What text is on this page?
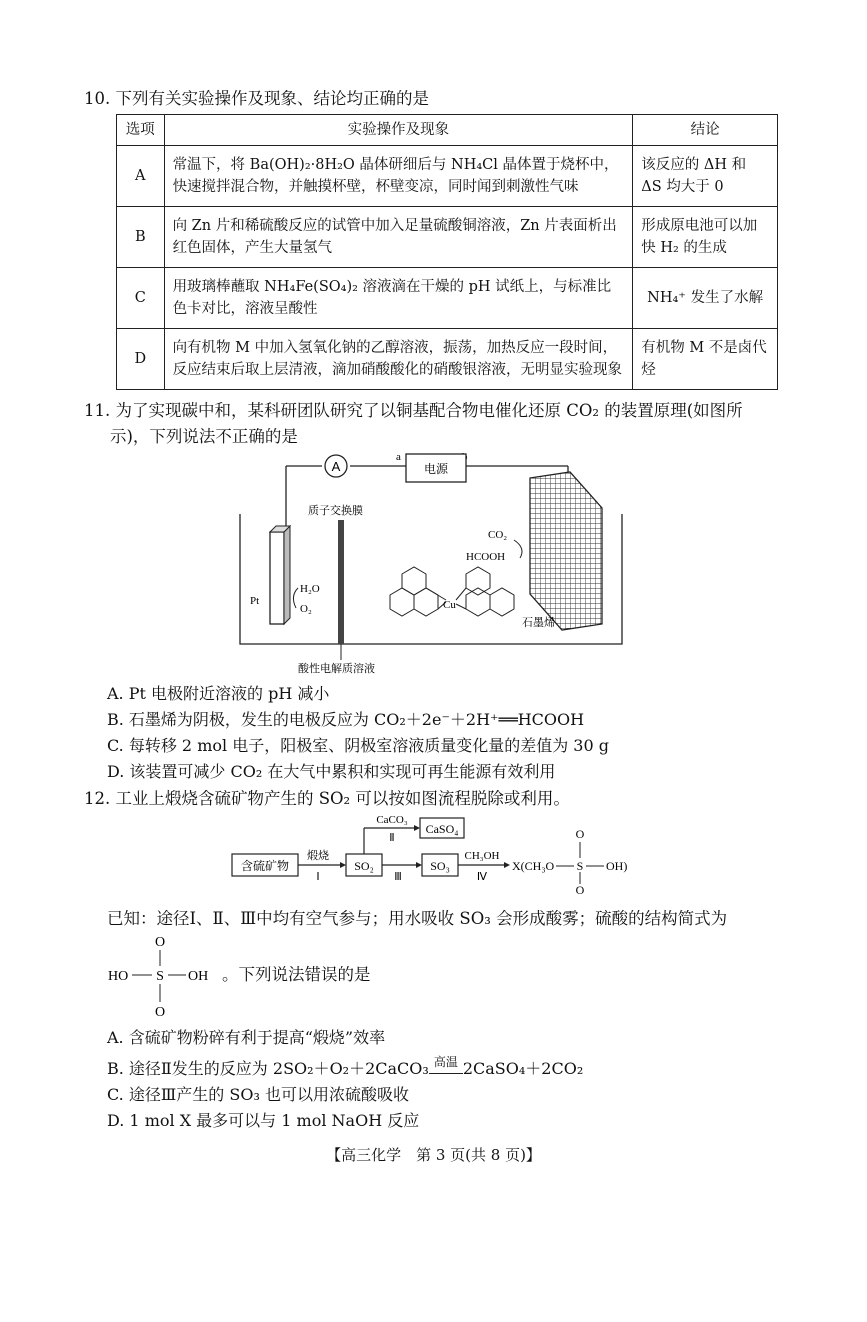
10. 下列有关实验操作及现象、结论均正确的是
选项	实验操作及现象	结论
A	常温下，将 Ba(OH)₂·8H₂O 晶体研细后与 NH₄Cl 晶体置于烧杯中，快速搅拌混合物，并触摸杯壁，杯壁变凉，同时闻到刺激性气味	该反应的 ΔH 和 ΔS 均大于 0
B	向 Zn 片和稀硫酸反应的试管中加入足量硫酸铜溶液，Zn 片表面析出红色固体，产生大量氢气	形成原电池可以加快 H₂ 的生成
C	用玻璃棒蘸取 NH₄Fe(SO₄)₂ 溶液滴在干燥的 pH 试纸上，与标准比色卡对比，溶液呈酸性	NH₄⁺ 发生了水解
D	向有机物 M 中加入氢氧化钠的乙醇溶液，振荡，加热反应一段时间，反应结束后取上层清液，滴加硝酸酸化的硝酸银溶液，无明显实验现象	有机物 M 不是卤代烃
11. 为了实现碳中和，某科研团队研究了以铜基配合物电催化还原 CO₂ 的装置原理(如图所
示)，下列说法不正确的是
A
a
电源
质子交换膜
酸性电解质溶液
Pt
H₂O
O₂
石墨烯
CO₂
HCOOH
Cu
A. Pt 电极附近溶液的 pH 减小
B. 石墨烯为阴极，发生的电极反应为 CO₂＋2e⁻＋2H⁺══HCOOH
C. 每转移 2 mol 电子，阳极室、阴极室溶液质量变化量的差值为 30 g
D. 该装置可减少 CO₂ 在大气中累积和实现可再生能源有效利用
12. 工业上煅烧含硫矿物产生的 SO₂ 可以按如图流程脱除或利用。
含硫矿物
煅烧
Ⅰ
SO₂
CaCO₃
Ⅱ
CaSO₄
Ⅲ
SO₃
CH₃OH
Ⅳ
X(CH₃O S
O
O
OH)
已知：途径Ⅰ、Ⅱ、Ⅲ中均有空气参与；用水吸收 SO₃ 会形成酸雾；硫酸的结构简式为
HO S OH
O
O
。下列说法错误的是
A. 含硫矿物粉碎有利于提高“煅烧”效率
B. 途径Ⅱ发生的反应为 2SO₂＋O₂＋2CaCO₃ 高温 2CaSO₄＋2CO₂
C. 途径Ⅲ产生的 SO₃ 也可以用浓硫酸吸收
D. 1 mol X 最多可以与 1 mol NaOH 反应
【高三化学　第 3 页(共 8 页)】
